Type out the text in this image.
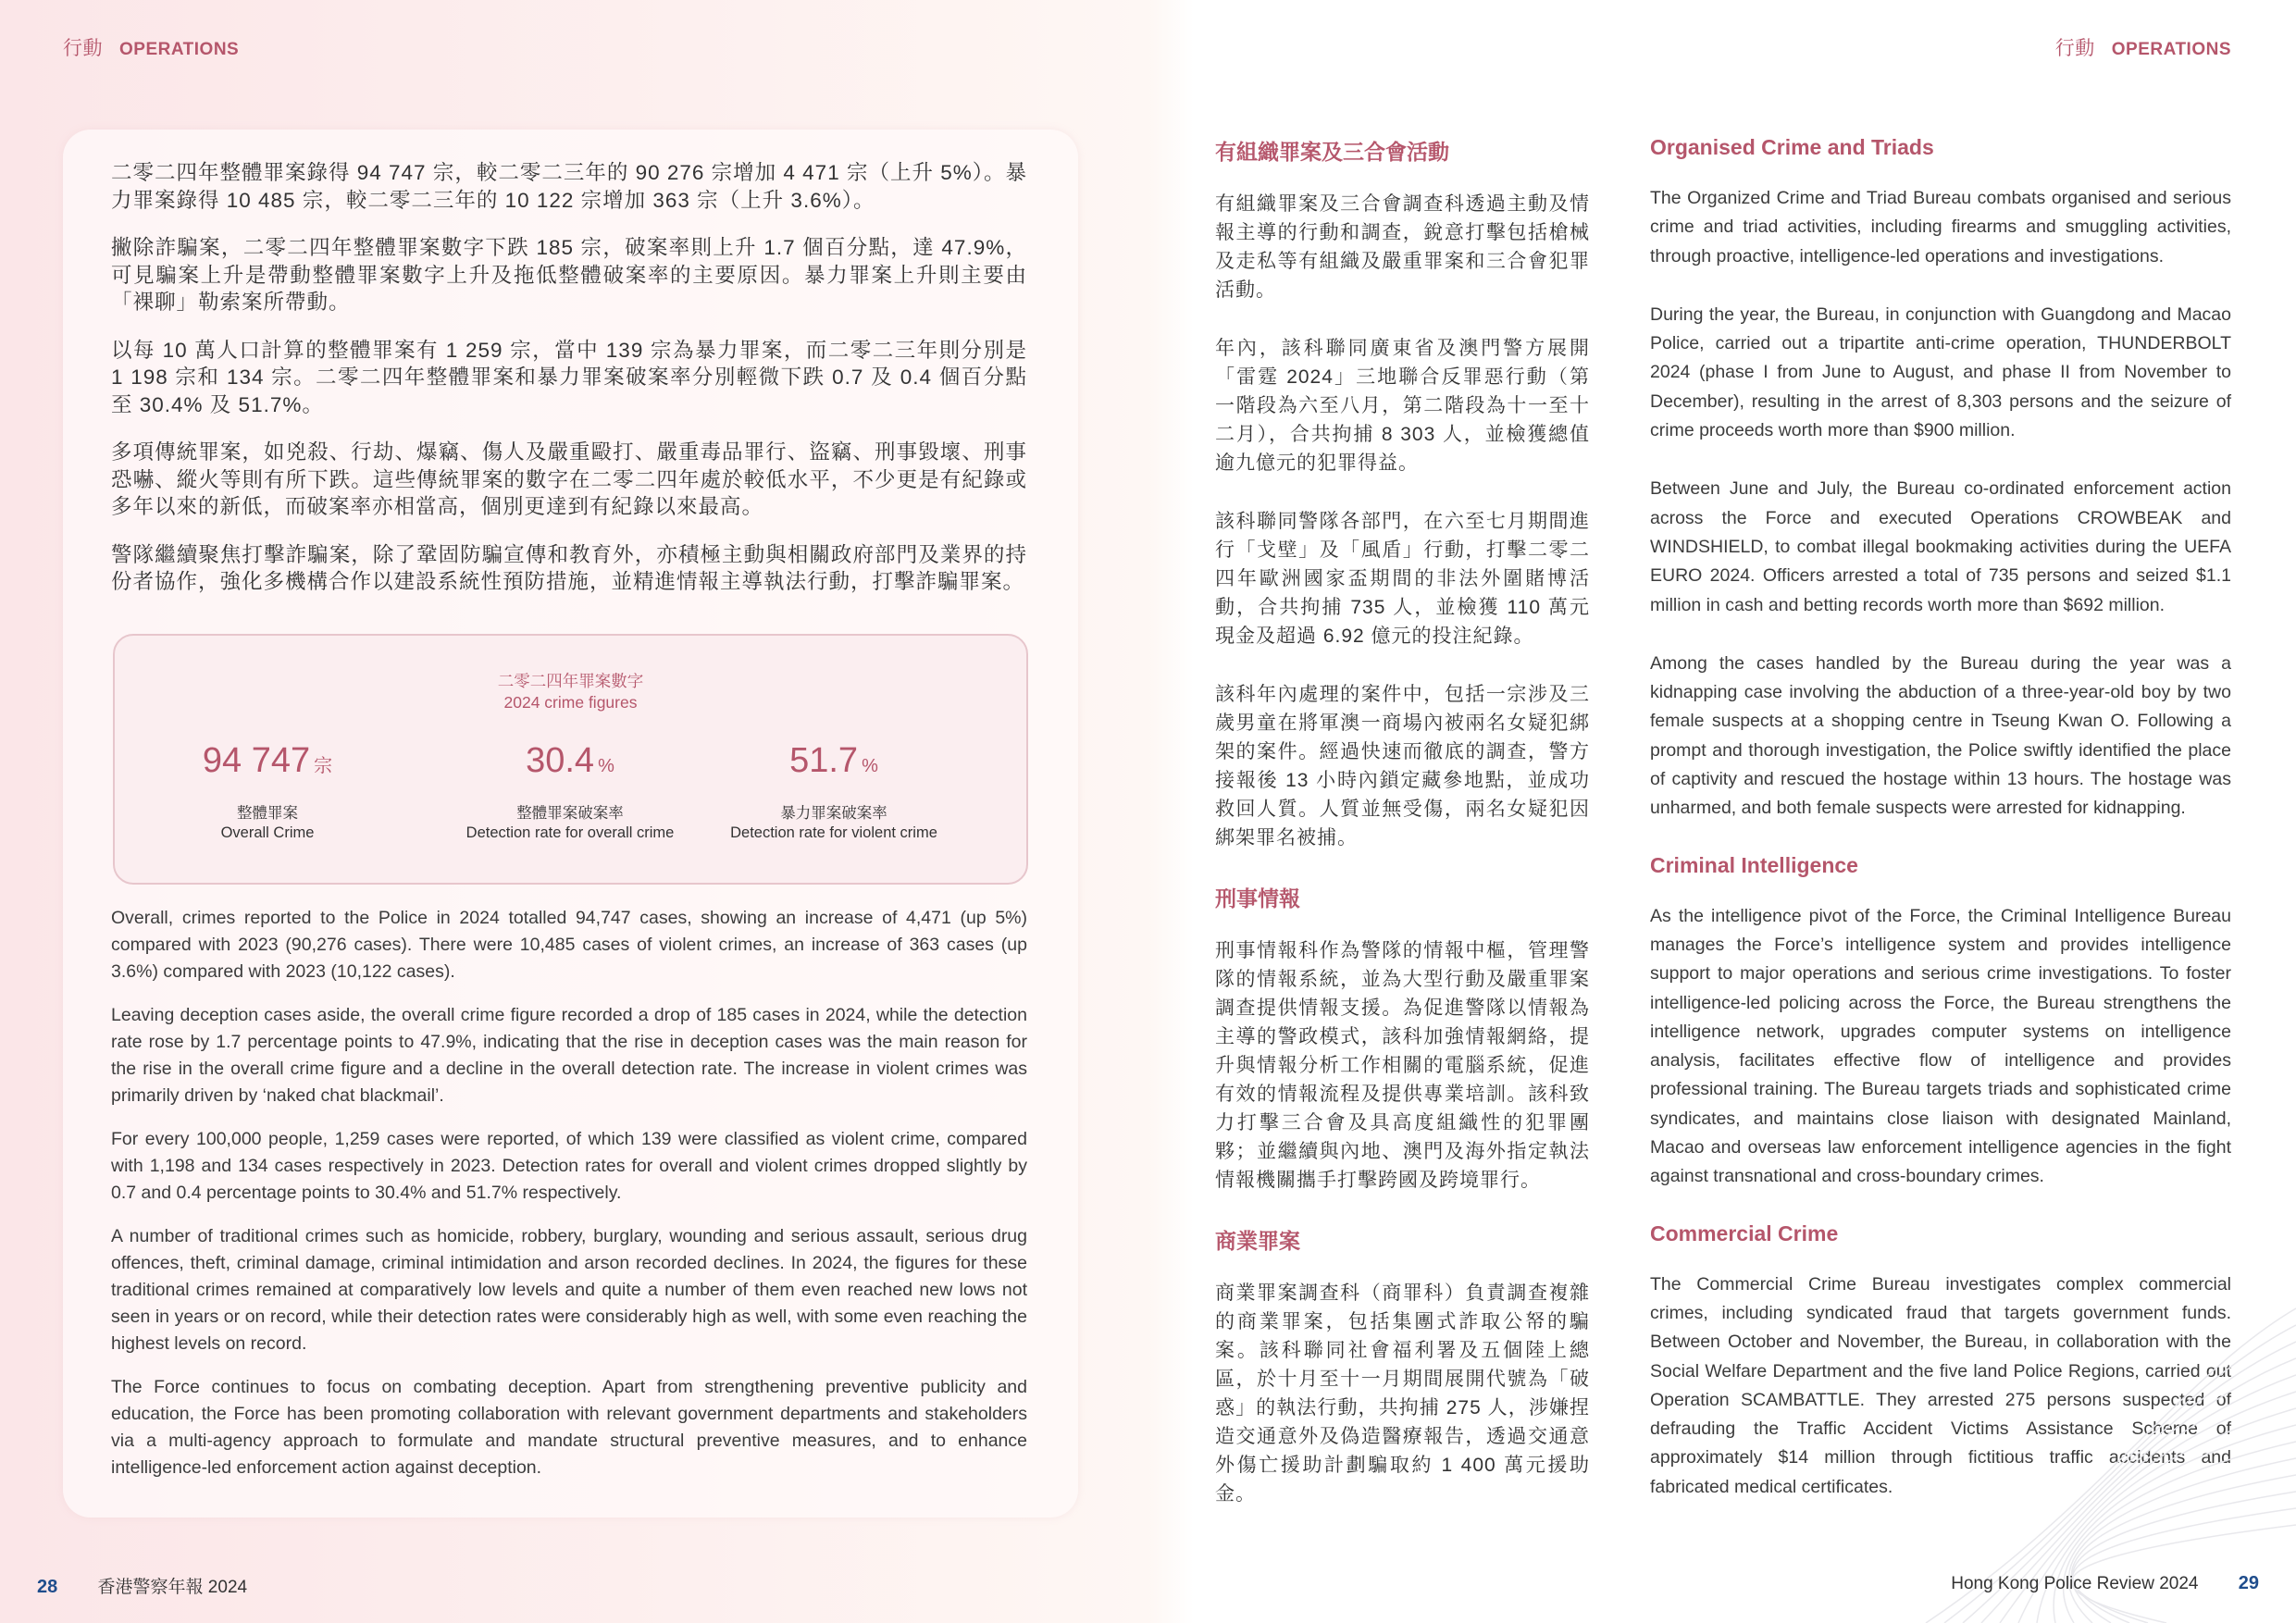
行動 OPERATIONS	行動 OPERATIONS

二零二四年整體罪案錄得 94 747 宗，較二零二三年的 90 276 宗增加 4 471 宗（上升 5%）。暴力罪案錄得 10 485 宗，較二零二三年的 10 122 宗增加 363 宗（上升 3.6%）。

撇除詐騙案，二零二四年整體罪案數字下跌 185 宗，破案率則上升 1.7 個百分點，達 47.9%，可見騙案上升是帶動整體罪案數字上升及拖低整體破案率的主要原因。暴力罪案上升則主要由「裸聊」勒索案所帶動。

以每 10 萬人口計算的整體罪案有 1 259 宗，當中 139 宗為暴力罪案，而二零二三年則分別是 1 198 宗和 134 宗。二零二四年整體罪案和暴力罪案破案率分別輕微下跌 0.7 及 0.4 個百分點至 30.4% 及 51.7%。

多項傳統罪案，如兇殺、行劫、爆竊、傷人及嚴重毆打、嚴重毒品罪行、盜竊、刑事毀壞、刑事恐嚇、縱火等則有所下跌。這些傳統罪案的數字在二零二四年處於較低水平，不少更是有紀錄或多年以來的新低，而破案率亦相當高，個別更達到有紀錄以來最高。

警隊繼續聚焦打擊詐騙案，除了鞏固防騙宣傳和教育外，亦積極主動與相關政府部門及業界的持份者協作，強化多機構合作以建設系統性預防措施，並精進情報主導執法行動，打擊詐騙罪案。

二零二四年罪案數字
2024 crime figures
94 747 宗
整體罪案
Overall Crime
30.4 %
整體罪案破案率
Detection rate for overall crime
51.7 %
暴力罪案破案率
Detection rate for violent crime

Overall, crimes reported to the Police in 2024 totalled 94,747 cases, showing an increase of 4,471 (up 5%) compared with 2023 (90,276 cases). There were 10,485 cases of violent crimes, an increase of 363 cases (up 3.6%) compared with 2023 (10,122 cases).

Leaving deception cases aside, the overall crime figure recorded a drop of 185 cases in 2024, while the detection rate rose by 1.7 percentage points to 47.9%, indicating that the rise in deception cases was the main reason for the rise in the overall crime figure and a decline in the overall detection rate. The increase in violent crimes was primarily driven by ‘naked chat blackmail’.

For every 100,000 people, 1,259 cases were reported, of which 139 were classified as violent crime, compared with 1,198 and 134 cases respectively in 2023. Detection rates for overall and violent crimes dropped slightly by 0.7 and 0.4 percentage points to 30.4% and 51.7% respectively.

A number of traditional crimes such as homicide, robbery, burglary, wounding and serious assault, serious drug offences, theft, criminal damage, criminal intimidation and arson recorded declines. In 2024, the figures for these traditional crimes remained at comparatively low levels and quite a number of them even reached new lows not seen in years or on record, while their detection rates were considerably high as well, with some even reaching the highest levels on record.

The Force continues to focus on combating deception. Apart from strengthening preventive publicity and education, the Force has been promoting collaboration with relevant government departments and stakeholders via a multi-agency approach to formulate and mandate structural preventive measures, and to enhance intelligence-led enforcement action against deception.

有組織罪案及三合會活動

有組織罪案及三合會調查科透過主動及情報主導的行動和調查，銳意打擊包括槍械及走私等有組織及嚴重罪案和三合會犯罪活動。

年內，該科聯同廣東省及澳門警方展開「雷霆 2024」三地聯合反罪惡行動（第一階段為六至八月，第二階段為十一至十二月），合共拘捕 8 303 人，並檢獲總值逾九億元的犯罪得益。

該科聯同警隊各部門，在六至七月期間進行「戈壁」及「風盾」行動，打擊二零二四年歐洲國家盃期間的非法外圍賭博活動，合共拘捕 735 人，並檢獲 110 萬元現金及超過 6.92 億元的投注紀錄。

該科年內處理的案件中，包括一宗涉及三歲男童在將軍澳一商場內被兩名女疑犯綁架的案件。經過快速而徹底的調查，警方接報後 13 小時內鎖定藏參地點，並成功救回人質。人質並無受傷，兩名女疑犯因綁架罪名被捕。

刑事情報

刑事情報科作為警隊的情報中樞，管理警隊的情報系統，並為大型行動及嚴重罪案調查提供情報支援。為促進警隊以情報為主導的警政模式，該科加強情報網絡，提升與情報分析工作相關的電腦系統，促進有效的情報流程及提供專業培訓。該科致力打擊三合會及具高度組織性的犯罪團夥；並繼續與內地、澳門及海外指定執法情報機關攜手打擊跨國及跨境罪行。

商業罪案

商業罪案調查科（商罪科）負責調查複雜的商業罪案，包括集團式詐取公帑的騙案。該科聯同社會福利署及五個陸上總區，於十月至十一月期間展開代號為「破惑」的執法行動，共拘捕 275 人，涉嫌捏造交通意外及偽造醫療報告，透過交通意外傷亡援助計劃騙取約 1 400 萬元援助金。

Organised Crime and Triads

The Organized Crime and Triad Bureau combats organised and serious crime and triad activities, including firearms and smuggling activities, through proactive, intelligence-led operations and investigations.

During the year, the Bureau, in conjunction with Guangdong and Macao Police, carried out a tripartite anti-crime operation, THUNDERBOLT 2024 (phase I from June to August, and phase II from November to December), resulting in the arrest of 8,303 persons and the seizure of crime proceeds worth more than $900 million.

Between June and July, the Bureau co-ordinated enforcement action across the Force and executed Operations CROWBEAK and WINDSHIELD, to combat illegal bookmaking activities during the UEFA EURO 2024. Officers arrested a total of 735 persons and seized $1.1 million in cash and betting records worth more than $692 million.

Among the cases handled by the Bureau during the year was a kidnapping case involving the abduction of a three-year-old boy by two female suspects at a shopping centre in Tseung Kwan O. Following a prompt and thorough investigation, the Police swiftly identified the place of captivity and rescued the hostage within 13 hours. The hostage was unharmed, and both female suspects were arrested for kidnapping.

Criminal Intelligence

As the intelligence pivot of the Force, the Criminal Intelligence Bureau manages the Force’s intelligence system and provides intelligence support to major operations and serious crime investigations. To foster intelligence-led policing across the Force, the Bureau strengthens the intelligence network, upgrades computer systems on intelligence analysis, facilitates effective flow of intelligence and provides professional training. The Bureau targets triads and sophisticated crime syndicates, and maintains close liaison with designated Mainland, Macao and overseas law enforcement intelligence agencies in the fight against transnational and cross-boundary crimes.

Commercial Crime

The Commercial Crime Bureau investigates complex commercial crimes, including syndicated fraud that targets government funds. Between October and November, the Bureau, in collaboration with the Social Welfare Department and the five land Police Regions, carried out Operation SCAMBATTLE. They arrested 275 persons suspected of defrauding the Traffic Accident Victims Assistance Scheme of approximately $14 million through fictitious traffic accidents and fabricated medical certificates.

28 香港警察年報 2024	Hong Kong Police Review 2024 29
